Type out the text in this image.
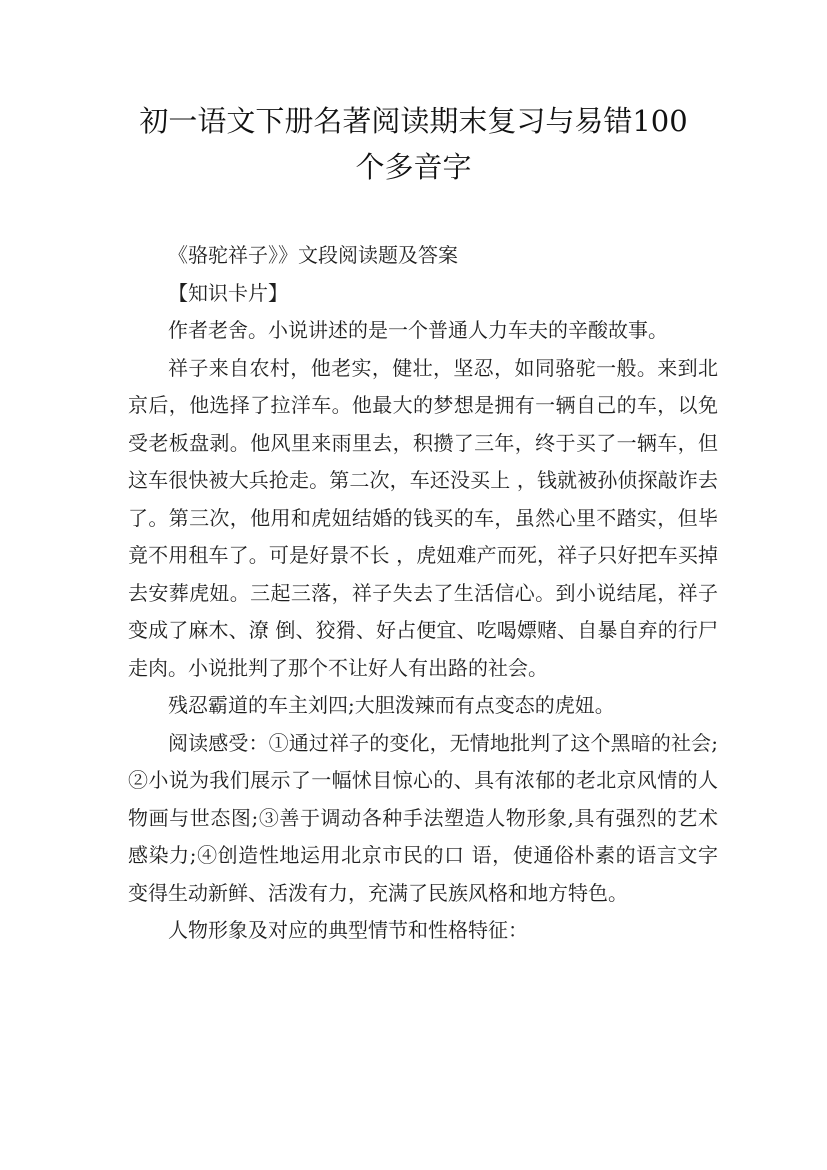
初一语文下册名著阅读期末复习与易错100
个多音字

《骆驼祥子》》文段阅读题及答案

【知识卡片】

作者老舍。小说讲述的是一个普通人力车夫的辛酸故事。

祥子来自农村，他老实，健壮，坚忍，如同骆驼一般。来到北京后，他选择了拉洋车。他最大的梦想是拥有一辆自己的车，以免受老板盘剥。他风里来雨里去，积攒了三年，终于买了一辆车，但这车很快被大兵抢走。第二次，车还没买上 ，钱就被孙侦探敲诈去了。第三次，他用和虎妞结婚的钱买的车，虽然心里不踏实，但毕竟不用租车了。可是好景不长 ，虎妞难产而死，祥子只好把车买掉去安葬虎妞。三起三落，祥子失去了生活信心。到小说结尾，祥子变成了麻木、潦 倒、狡猾、好占便宜、吃喝嫖赌、自暴自弃的行尸走肉。小说批判了那个不让好人有出路的社会。

残忍霸道的车主刘四;大胆泼辣而有点变态的虎妞。

阅读感受：①通过祥子的变化，无情地批判了这个黑暗的社会;②小说为我们展示了一幅怵目惊心的、具有浓郁的老北京风情的人物画与世态图;③善于调动各种手法塑造人物形象,具有强烈的艺术感染力;④创造性地运用北京市民的口 语，使通俗朴素的语言文字变得生动新鲜、活泼有力，充满了民族风格和地方特色。

人物形象及对应的典型情节和性格特征：
